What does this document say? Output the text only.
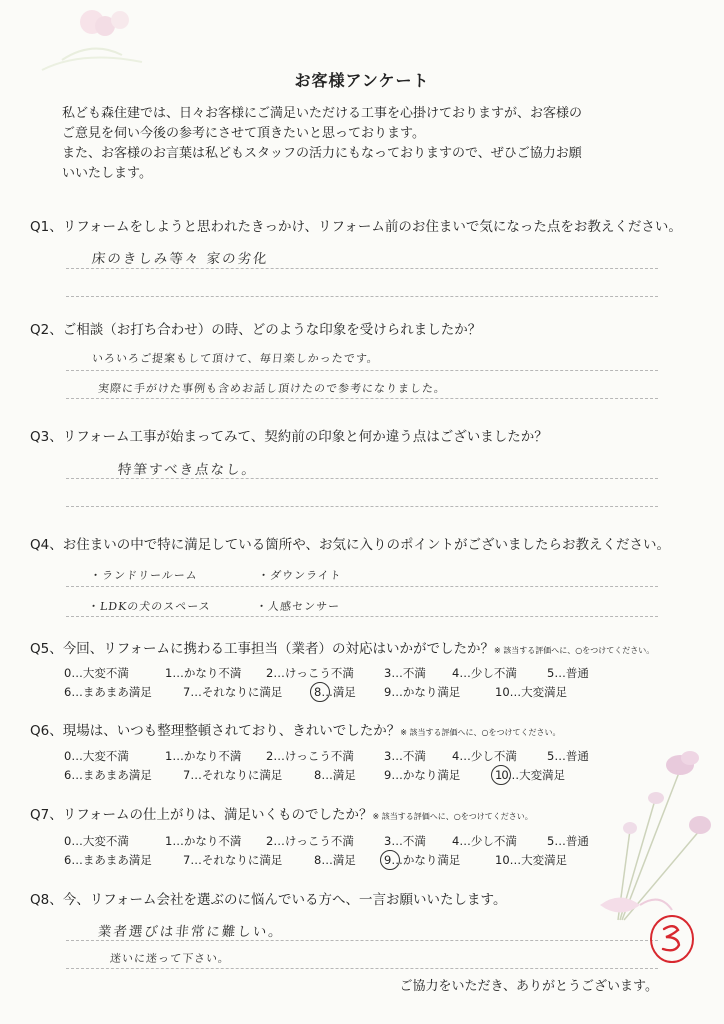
お客様アンケート
私ども森住建では、日々お客様にご満足いただける工事を心掛けておりますが、お客様の
ご意見を伺い今後の参考にさせて頂きたいと思っております。
また、お客様のお言葉は私どもスタッフの活力にもなっておりますので、ぜひご協力お願
いいたします。
Q1、リフォームをしようと思われたきっかけ、リフォーム前のお住まいで気になった点をお教えください。
床のきしみ等々 家の劣化
Q2、ご相談（お打ち合わせ）の時、どのような印象を受けられましたか？
いろいろご提案もして頂けて、毎日楽しかったです。
実際に手がけた事例も含めお話し頂けたので参考になりました。
Q3、リフォーム工事が始まってみて、契約前の印象と何か違う点はございましたか？
特筆すべき点なし。
Q4、お住まいの中で特に満足している箇所や、お気に入りのポイントがございましたらお教えください。
・ランドリールーム	・ダウンライト
・LDKの犬のスペース	・人感センサー
Q5、今回、リフォームに携わる工事担当（業者）の対応はいかがでしたか？※ 該当する評価へに、○をつけてください。
0…大変不満	1…かなり不満 2…けっこう不満	3…不満 4…少し不満	5…普通
6…まあまあ満足	7…それなりに満足	8…満足 9…かなり満足	10…大変満足
Q6、現場は、いつも整理整頓されており、きれいでしたか？※ 該当する評価へに、○をつけてください。
0…大変不満	1…かなり不満 2…けっこう不満	3…不満 4…少し不満	5…普通
6…まあまあ満足	7…それなりに満足	8…満足 9…かなり満足	10…大変満足
Q7、リフォームの仕上がりは、満足いくものでしたか？※ 該当する評価へに、○をつけてください。
0…大変不満	1…かなり不満 2…けっこう不満	3…不満 4…少し不満	5…普通
6…まあまあ満足	7…それなりに満足	8…満足 9…かなり満足	10…大変満足
Q8、今、リフォーム会社を選ぶのに悩んでいる方へ、一言お願いいたします。
業者選びは非常に難しい。
迷いに迷って下さい。
ご協力をいただき、ありがとうございます。
